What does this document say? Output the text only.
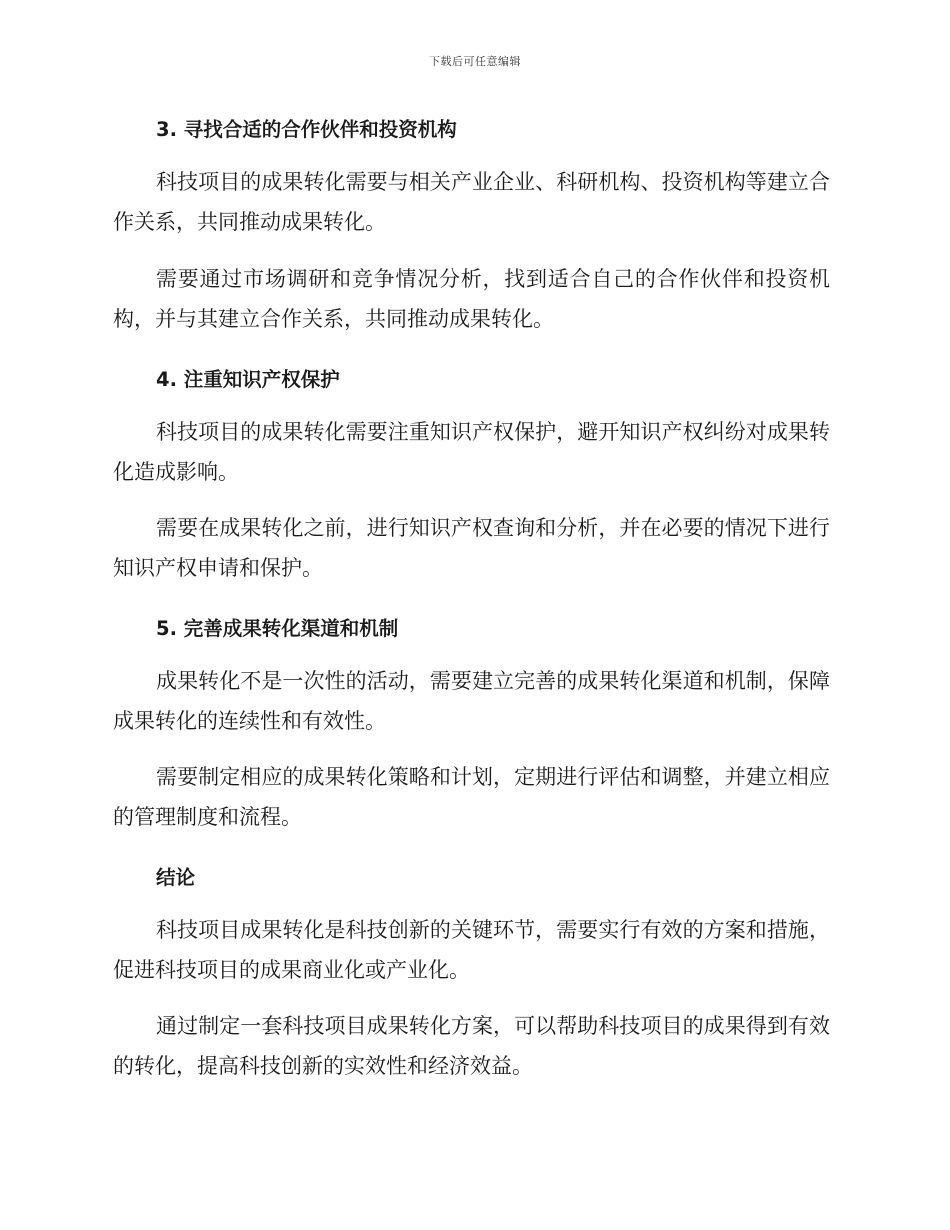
下载后可任意编辑
3. 寻找合适的合作伙伴和投资机构

科技项目的成果转化需要与相关产业企业、科研机构、投资机构等建立合作关系，共同推动成果转化。

需要通过市场调研和竞争情况分析，找到适合自己的合作伙伴和投资机构，并与其建立合作关系，共同推动成果转化。

4. 注重知识产权保护

科技项目的成果转化需要注重知识产权保护，避开知识产权纠纷对成果转化造成影响。

需要在成果转化之前，进行知识产权查询和分析，并在必要的情况下进行知识产权申请和保护。

5. 完善成果转化渠道和机制

成果转化不是一次性的活动，需要建立完善的成果转化渠道和机制，保障成果转化的连续性和有效性。

需要制定相应的成果转化策略和计划，定期进行评估和调整，并建立相应的管理制度和流程。

结论

科技项目成果转化是科技创新的关键环节，需要实行有效的方案和措施，促进科技项目的成果商业化或产业化。

通过制定一套科技项目成果转化方案，可以帮助科技项目的成果得到有效的转化，提高科技创新的实效性和经济效益。
